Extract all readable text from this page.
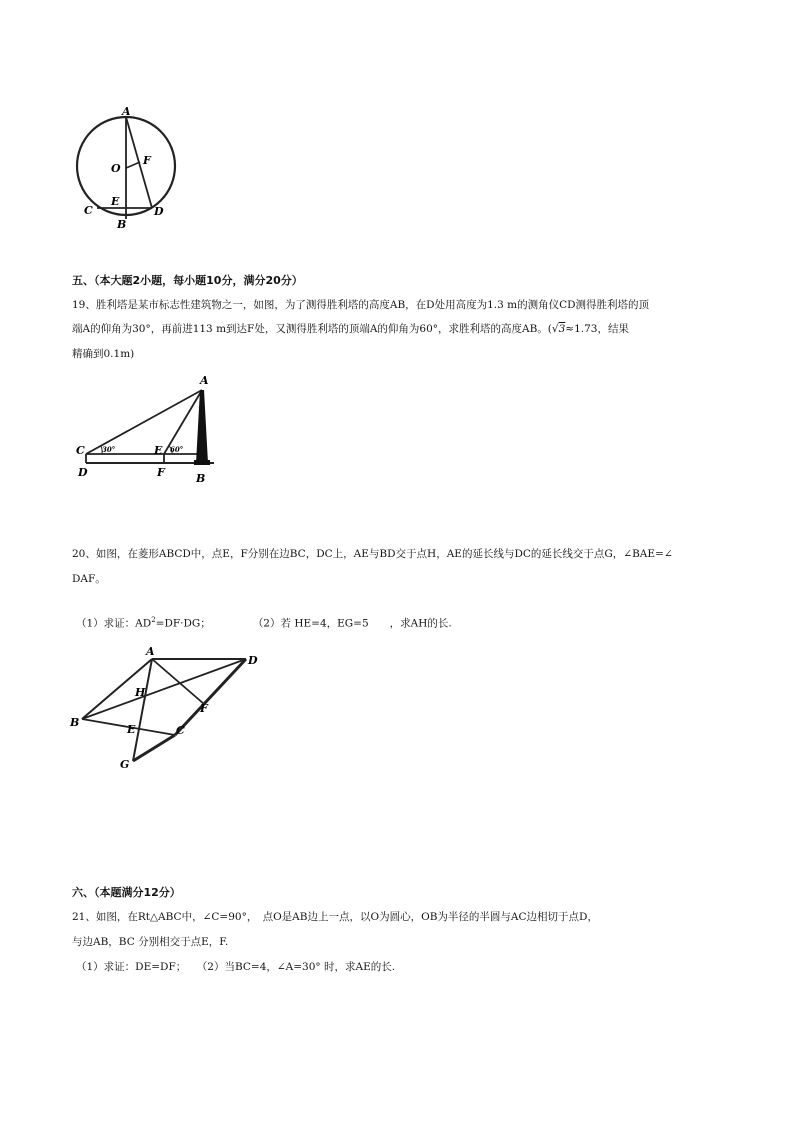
A
O
F
C
E
B
D
五、（本大题2小题，每小题10分，满分20分）
19、胜利塔是某市标志性建筑物之一，如图，为了测得胜利塔的高度AB，在D处用高度为1.3 m的测角仪CD测得胜利塔的顶
端A的仰角为30°，再前进113 m到达F处，又测得胜利塔的顶端A的仰角为60°，求胜利塔的高度AB。(√3≈1.73，结果
精确到0.1m)
A
C	E
D	F	B
30°	60°
20、如图，在菱形ABCD中，点E，F分别在边BC，DC上，AE与BD交于点H，AE的延长线与DC的延长线交于点G，∠BAE=∠
DAF。
（1）求证：$AD^2=DF\cdot DG$；	（2）若 HE=4，EG=5　　，求AH的长.
A
D
H
F
B
E	C
G
六、（本题满分12分）
21、如图，在Rt△ABC中，∠C=90°，　点O是AB边上一点，以O为圆心，OB为半径的半圆与AC边相切于点D，
与边AB，BC 分别相交于点E，F.
（1）求证：DE=DF；　　（2）当BC=4，∠A=30° 时，求AE的长.
